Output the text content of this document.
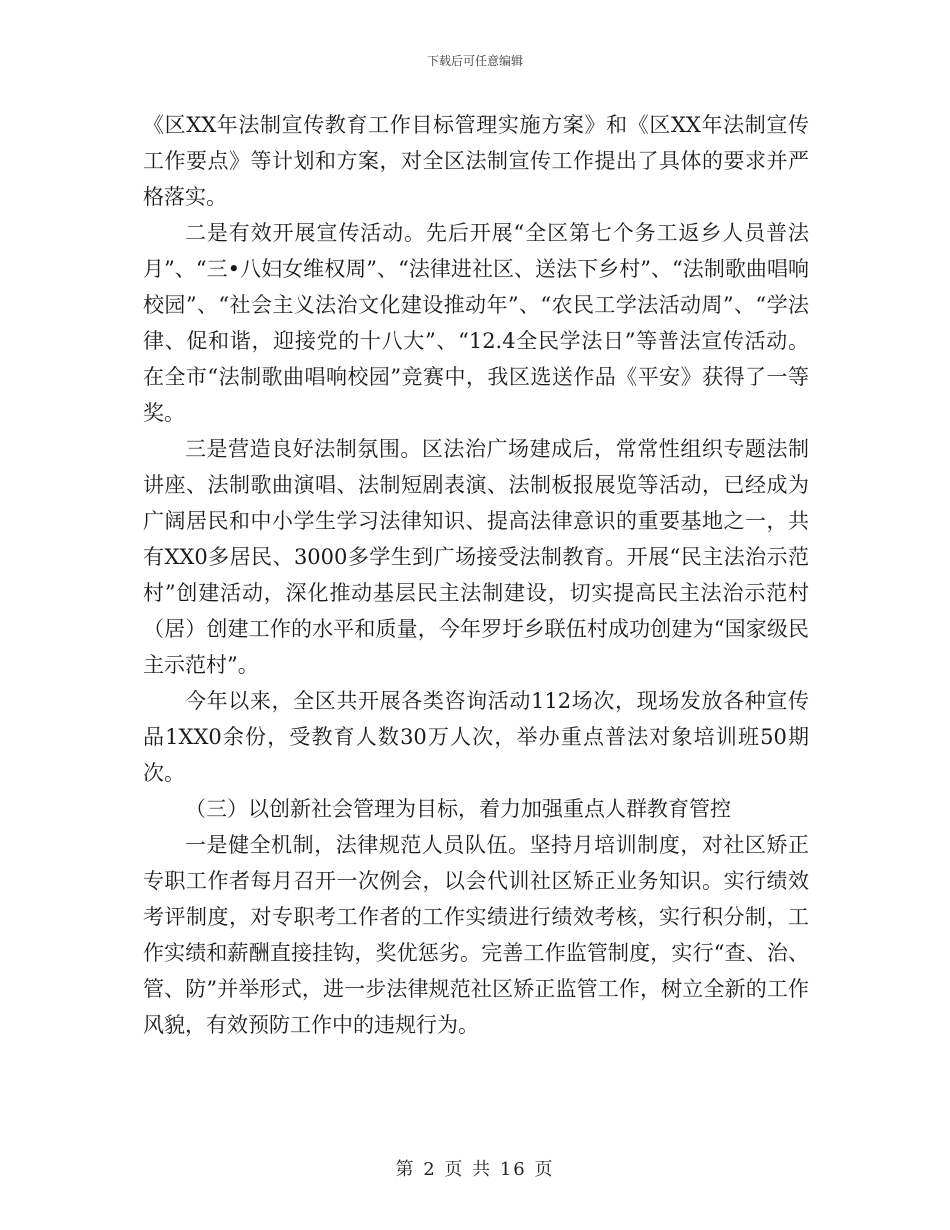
下载后可任意编辑

《区XX年法制宣传教育工作目标管理实施方案》和《区XX年法制宣传工作要点》等计划和方案，对全区法制宣传工作提出了具体的要求并严格落实。

二是有效开展宣传活动。先后开展“全区第七个务工返乡人员普法月”、“三•八妇女维权周”、“法律进社区、送法下乡村”、“法制歌曲唱响校园”、“社会主义法治文化建设推动年”、“农民工学法活动周”、“学法律、促和谐，迎接党的十八大”、“12.4全民学法日”等普法宣传活动。在全市“法制歌曲唱响校园”竞赛中，我区选送作品《平安》获得了一等奖。

三是营造良好法制氛围。区法治广场建成后，常常性组织专题法制讲座、法制歌曲演唱、法制短剧表演、法制板报展览等活动，已经成为广阔居民和中小学生学习法律知识、提高法律意识的重要基地之一，共有XX0多居民、3000多学生到广场接受法制教育。开展“民主法治示范村”创建活动，深化推动基层民主法制建设，切实提高民主法治示范村（居）创建工作的水平和质量，今年罗圩乡联伍村成功创建为“国家级民主示范村”。

今年以来，全区共开展各类咨询活动112场次，现场发放各种宣传品1XX0余份，受教育人数30万人次，举办重点普法对象培训班50期次。

（三）以创新社会管理为目标，着力加强重点人群教育管控

一是健全机制，法律规范人员队伍。坚持月培训制度，对社区矫正专职工作者每月召开一次例会，以会代训社区矫正业务知识。实行绩效考评制度，对专职考工作者的工作实绩进行绩效考核，实行积分制，工作实绩和薪酬直接挂钩，奖优惩劣。完善工作监管制度，实行“查、治、管、防”并举形式，进一步法律规范社区矫正监管工作，树立全新的工作风貌，有效预防工作中的违规行为。

第 2 页 共 16 页
